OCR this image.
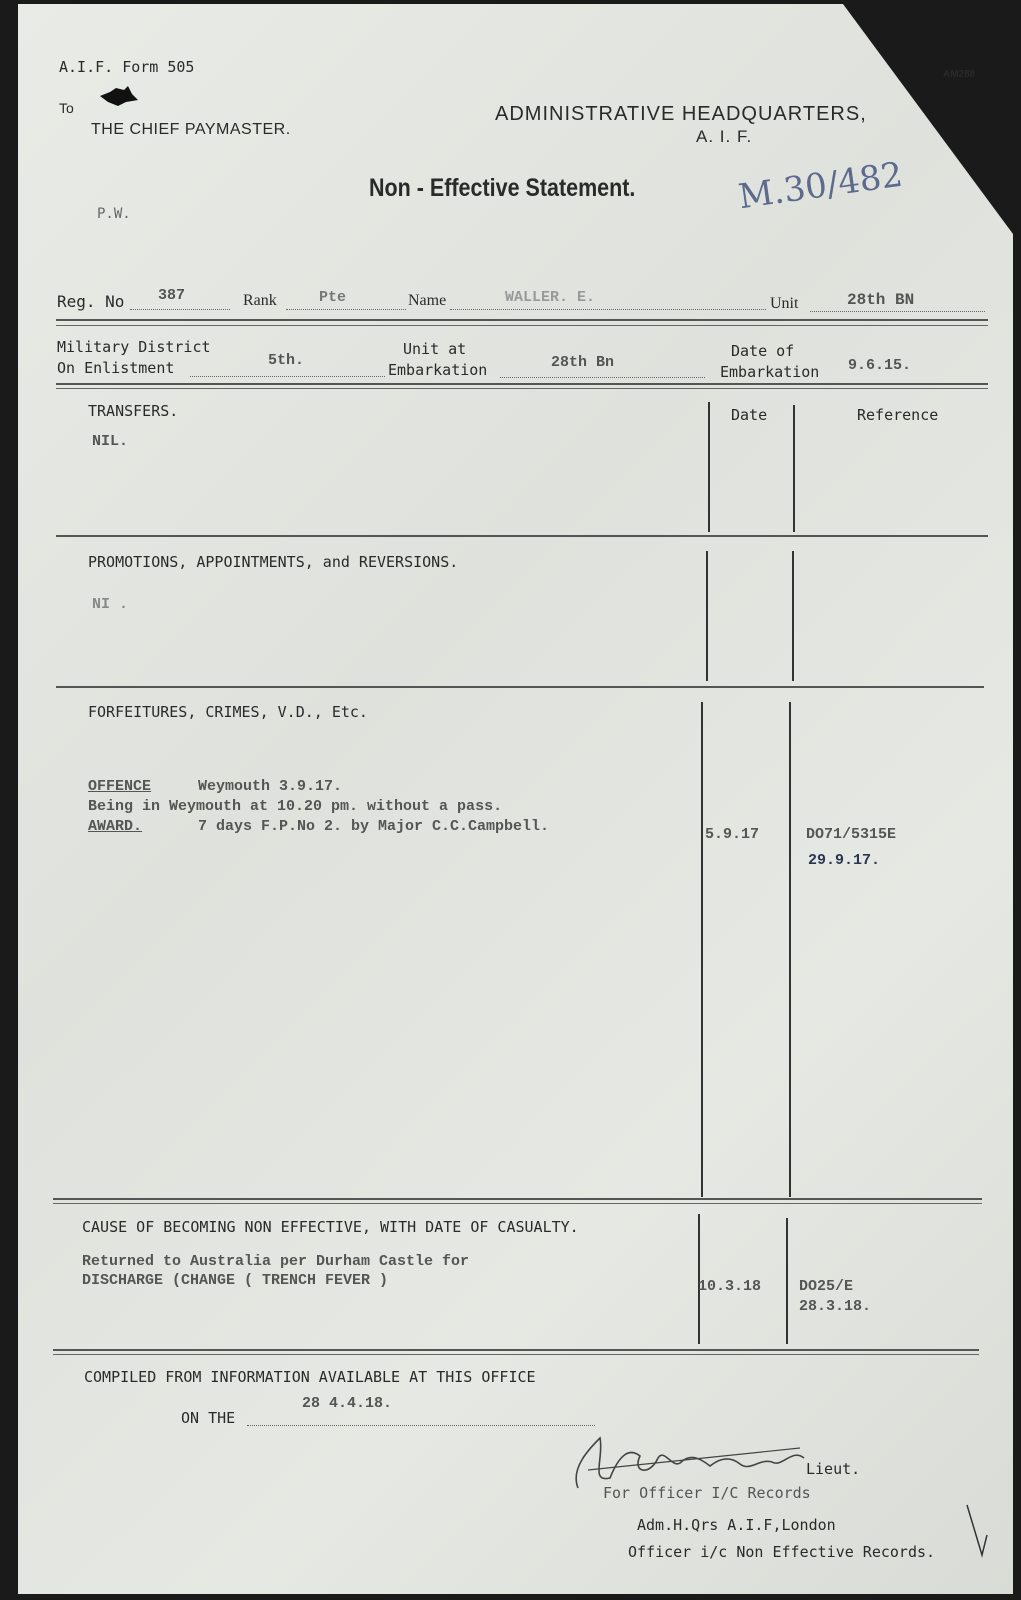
A.I.F. Form 505	AM288
To
THE CHIEF PAYMASTER.
ADMINISTRATIVE HEADQUARTERS,
A. I. F.
Non - Effective Statement.	M.30/482
P.W.
Reg. No 387	Rank	Pte	Name	WALLER. E.	Unit	28th BN
Military District
On Enlistment	5th.
Unit at
Embarkation	28th Bn
Date of
Embarkation 9.6.15.
Date	Reference
TRANSFERS.
NIL.
PROMOTIONS, APPOINTMENTS, and REVERSIONS.
NI .
FORFEITURES, CRIMES, V.D., Etc.
OFFENCE	Weymouth 3.9.17.
Being in Weymouth at 10.20 pm. without a pass.
AWARD.	7 days F.P.No 2. by Major C.C.Campbell.	5.9.17	DO71/5315E
29.9.17.
CAUSE OF BECOMING NON EFFECTIVE, WITH DATE OF CASUALTY.
Returned to Australia per Durham Castle for
DISCHARGE (CHANGE ( TRENCH FEVER )	10.3.18	DO25/E
28.3.18.
COMPILED FROM INFORMATION AVAILABLE AT THIS OFFICE
ON THE
28 4.4.18.
Lieut.
For Officer I/C Records
Adm.H.Qrs A.I.F,London
Officer i/c Non Effective Records.
